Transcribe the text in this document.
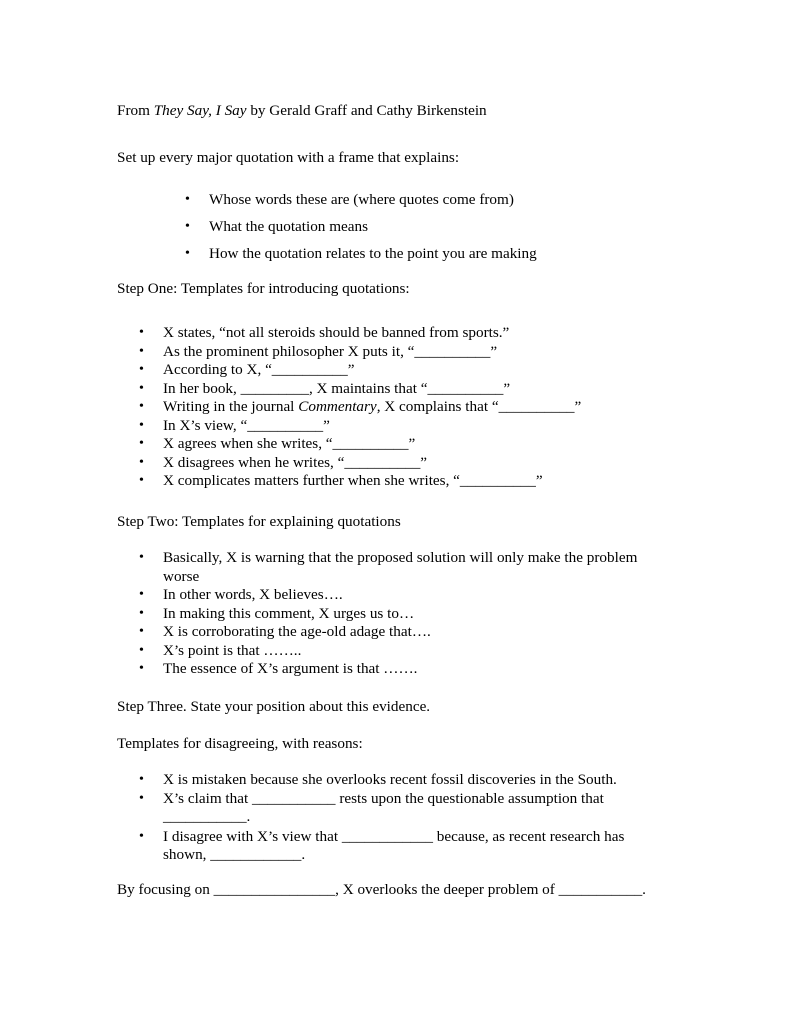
From They Say, I Say by Gerald Graff and Cathy Birkenstein

Set up every major quotation with a frame that explains:

• Whose words these are (where quotes come from)
• What the quotation means
• How the quotation relates to the point you are making

Step One: Templates for introducing quotations:

• X states, “not all steroids should be banned from sports.”
• As the prominent philosopher X puts it, “__________”
• According to X, “__________”
• In her book, _________, X maintains that “__________”
• Writing in the journal Commentary, X complains that “__________”
• In X’s view, “__________”
• X agrees when she writes, “__________”
• X disagrees when he writes, “__________”
• X complicates matters further when she writes, “__________”

Step Two: Templates for explaining quotations

• Basically, X is warning that the proposed solution will only make the problem worse
• In other words, X believes….
• In making this comment, X urges us to…
• X is corroborating the age-old adage that….
• X’s point is that ……..
• The essence of X’s argument is that …….

Step Three. State your position about this evidence.

Templates for disagreeing, with reasons:

• X is mistaken because she overlooks recent fossil discoveries in the South.
• X’s claim that ___________ rests upon the questionable assumption that ___________.
• I disagree with X’s view that ____________ because, as recent research has shown, ____________.

By focusing on ________________, X overlooks the deeper problem of ___________.
